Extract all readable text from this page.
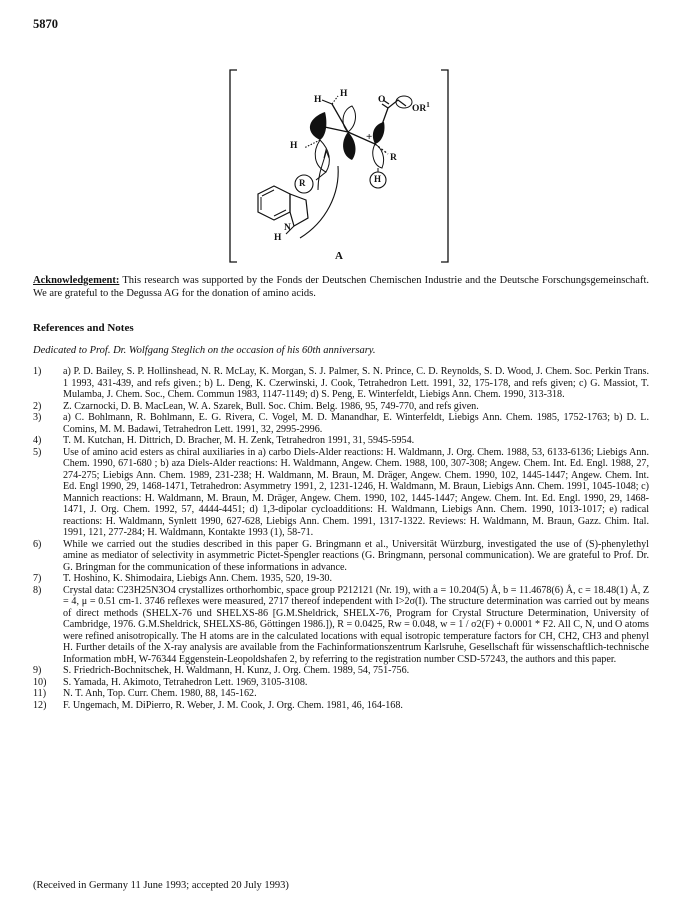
5870
H
H
H
O
$OR^1$
+
R
R	H
H
N
A

Acknowledgement: This research was supported by the Fonds der Deutschen Chemischen Industrie and the Deutsche Forschungsgemeinschaft. We are grateful to the Degussa AG for the donation of amino acids.

References and Notes
Dedicated to Prof. Dr. Wolfgang Steglich on the occasion of his 60th anniversary.
1)	a) P. D. Bailey, S. P. Hollinshead, N. R. McLay, K. Morgan, S. J. Palmer, S. N. Prince, C. D. Reynolds, S. D. Wood, J. Chem. Soc. Perkin Trans. 1 1993, 431-439, and refs given.; b) L. Deng, K. Czerwinski, J. Cook, Tetrahedron Lett. 1991, 32, 175-178, and refs given; c) G. Massiot, T. Mulamba, J. Chem. Soc., Chem. Commun 1983, 1147-1149; d) S. Peng, E. Winterfeldt, Liebigs Ann. Chem. 1990, 313-318.
2)	Z. Czarnocki, D. B. MacLean, W. A. Szarek, Bull. Soc. Chim. Belg. 1986, 95, 749-770, and refs given.
3)	a) C. Bohlmann, R. Bohlmann, E. G. Rivera, C. Vogel, M. D. Manandhar, E. Winterfeldt, Liebigs Ann. Chem. 1985, 1752-1763; b) D. L. Comins, M. M. Badawi, Tetrahedron Lett. 1991, 32, 2995-2996.
4)	T. M. Kutchan, H. Dittrich, D. Bracher, M. H. Zenk, Tetrahedron 1991, 31, 5945-5954.
5)	Use of amino acid esters as chiral auxiliaries in a) carbo Diels-Alder reactions: H. Waldmann, J. Org. Chem. 1988, 53, 6133-6136; Liebigs Ann. Chem. 1990, 671-680 ; b) aza Diels-Alder reactions: H. Waldmann, Angew. Chem. 1988, 100, 307-308; Angew. Chem. Int. Ed. Engl. 1988, 27, 274-275; Liebigs Ann. Chem. 1989, 231-238; H. Waldmann, M. Braun, M. Dräger, Angew. Chem. 1990, 102, 1445-1447; Angew. Chem. Int. Ed. Engl 1990, 29, 1468-1471, Tetrahedron: Asymmetry 1991, 2, 1231-1246, H. Waldmann, M. Braun, Liebigs Ann. Chem. 1991, 1045-1048; c) Mannich reactions: H. Waldmann, M. Braun, M. Dräger, Angew. Chem. 1990, 102, 1445-1447; Angew. Chem. Int. Ed. Engl. 1990, 29, 1468-1471, J. Org. Chem. 1992, 57, 4444-4451; d) 1,3-dipolar cycloadditions: H. Waldmann, Liebigs Ann. Chem. 1990, 1013-1017; e) radical reactions: H. Waldmann, Synlett 1990, 627-628, Liebigs Ann. Chem. 1991, 1317-1322. Reviews: H. Waldmann, M. Braun, Gazz. Chim. Ital. 1991, 121, 277-284; H. Waldmann, Kontakte 1993 (1), 58-71.
6)	While we carried out the studies described in this paper G. Bringmann et al., Universität Würzburg, investigated the use of (S)-phenylethyl amine as mediator of selectivity in asymmetric Pictet-Spengler reactions (G. Bringmann, personal communication). We are grateful to Prof. Dr. G. Bringman for the communication of these informations in advance.
7)	T. Hoshino, K. Shimodaira, Liebigs Ann. Chem. 1935, 520, 19-30.
8)	Crystal data: C23H25N3O4 crystallizes orthorhombic, space group P212121 (Nr. 19), with a = 10.204(5) Å, b = 11.4678(6) Å, c = 18.48(1) Å, Z = 4, μ = 0.51 cm-1. 3746 reflexes were measured, 2717 thereof independent with I>2σ(I). The structure determination was carried out by means of direct methods (SHELX-76 und SHELXS-86 [G.M.Sheldrick, SHELX-76, Program for Crystal Structure Determination, University of Cambridge, 1976. G.M.Sheldrick, SHELXS-86, Göttingen 1986.]), R = 0.0425, Rw = 0.048, w = 1 / σ2(F) + 0.0001 * F2. All C, N, und O atoms were refined anisotropically. The H atoms are in the calculated locations with equal isotropic temperature factors for CH, CH2, CH3 and phenyl H. Further details of the X-ray analysis are available from the Fachinformationszentrum Karlsruhe, Gesellschaft für wissenschaftlich-technische Information mbH, W-76344 Eggenstein-Leopoldshafen 2, by referring to the registration number CSD-57243, the authors and this paper.
9)	S. Friedrich-Bochnitschek, H. Waldmann, H. Kunz, J. Org. Chem. 1989, 54, 751-756.
10)	S. Yamada, H. Akimoto, Tetrahedron Lett. 1969, 3105-3108.
11)	N. T. Anh, Top. Curr. Chem. 1980, 88, 145-162.
12)	F. Ungemach, M. DiPierro, R. Weber, J. M. Cook, J. Org. Chem. 1981, 46, 164-168.
(Received in Germany 11 June 1993; accepted 20 July 1993)
